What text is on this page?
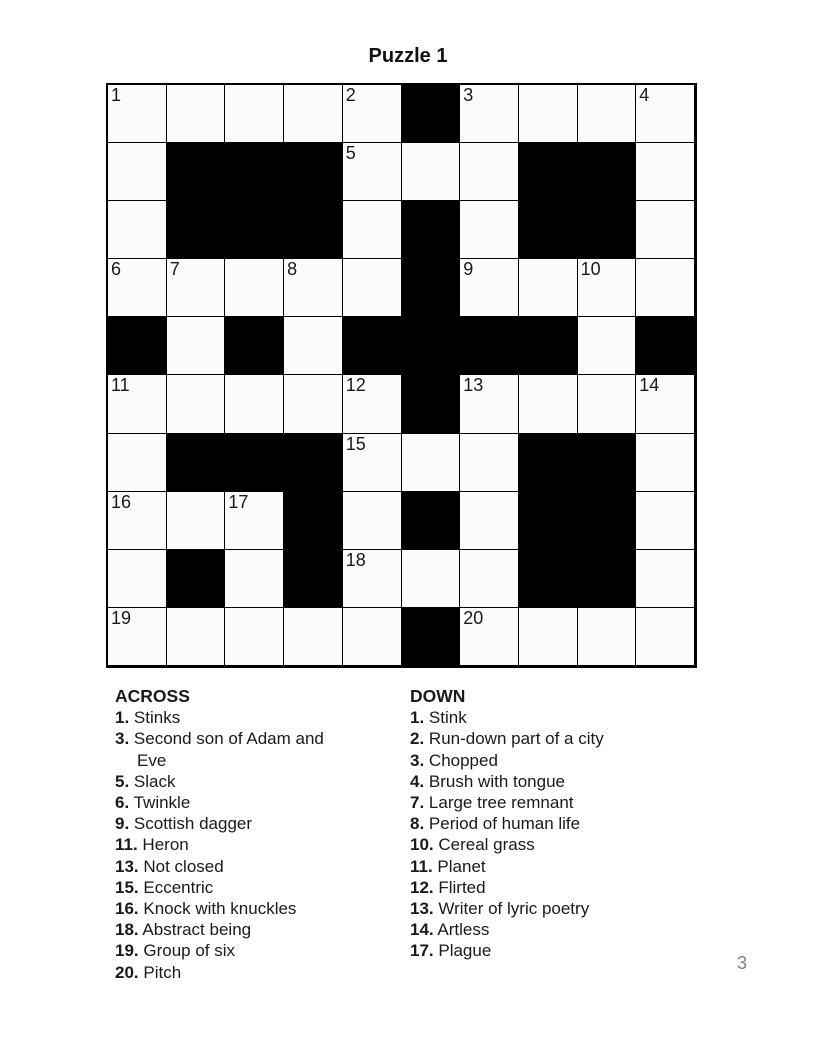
Puzzle 1
1	2	3	4
5
6	7	8	9	10
11	12	13	14
15
16	17
18
19	20
ACROSS
1. Stinks
3. Second son of Adam and Eve
5. Slack
6. Twinkle
9. Scottish dagger
11. Heron
13. Not closed
15. Eccentric
16. Knock with knuckles
18. Abstract being
19. Group of six
20. Pitch
DOWN
1. Stink
2. Run-down part of a city
3. Chopped
4. Brush with tongue
7. Large tree remnant
8. Period of human life
10. Cereal grass
11. Planet
12. Flirted
13. Writer of lyric poetry
14. Artless
17. Plague
3
